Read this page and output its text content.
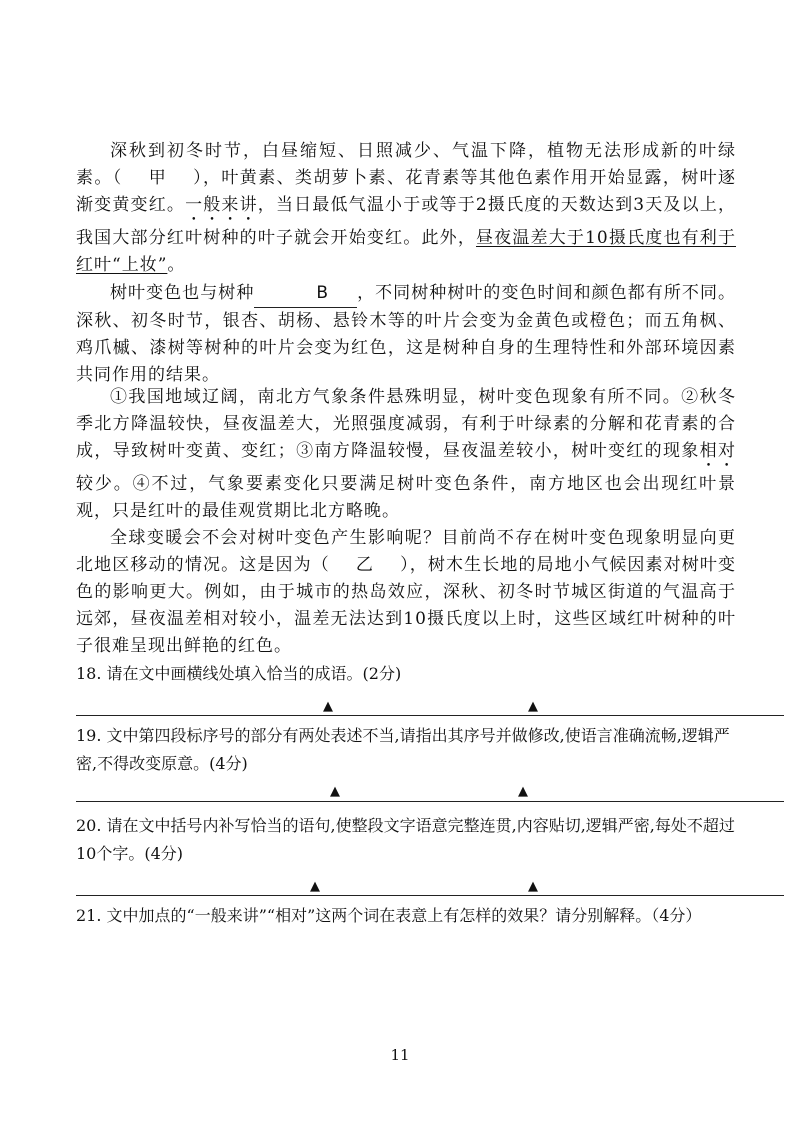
深秋到初冬时节，白昼缩短、日照减少、气温下降，植物无法形成新的叶绿素。（ 甲 ），叶黄素、类胡萝卜素、花青素等其他色素作用开始显露，树叶逐渐变黄变红。一般来讲，当日最低气温小于或等于2摄氏度的天数达到3天及以上，我国大部分红叶树种的叶子就会开始变红。此外，昼夜温差大于10摄氏度也有利于红叶“上妆”。

树叶变色也与树种	B ，不同树种树叶的变色时间和颜色都有所不同。深秋、初冬时节，银杏、胡杨、悬铃木等的叶片会变为金黄色或橙色；而五角枫、鸡爪槭、漆树等树种的叶片会变为红色，这是树种自身的生理特性和外部环境因素共同作用的结果。

①我国地域辽阔，南北方气象条件悬殊明显，树叶变色现象有所不同。②秋冬季北方降温较快，昼夜温差大，光照强度减弱，有利于叶绿素的分解和花青素的合成，导致树叶变黄、变红；③南方降温较慢，昼夜温差较小，树叶变红的现象相对较少。④不过，气象要素变化只要满足树叶变色条件，南方地区也会出现红叶景观，只是红叶的最佳观赏期比北方略晚。

全球变暖会不会对树叶变色产生影响呢？目前尚不存在树叶变色现象明显向更北地区移动的情况。这是因为（ 乙 ），树木生长地的局地小气候因素对树叶变色的影响更大。例如，由于城市的热岛效应，深秋、初冬时节城区街道的气温高于远郊，昼夜温差相对较小，温差无法达到10摄氏度以上时，这些区域红叶树种的叶子很难呈现出鲜艳的红色。

18. 请在文中画横线处填入恰当的成语。(2分)

▲	▲

19. 文中第四段标序号的部分有两处表述不当,请指出其序号并做修改,使语言准确流畅,逻辑严密,不得改变原意。(4分)

▲	▲

20. 请在文中括号内补写恰当的语句,使整段文字语意完整连贯,内容贴切,逻辑严密,每处不超过10个字。(4分)

▲	▲

21. 文中加点的“一般来讲”“相对”这两个词在表意上有怎样的效果？请分别解释。（4分）

11
